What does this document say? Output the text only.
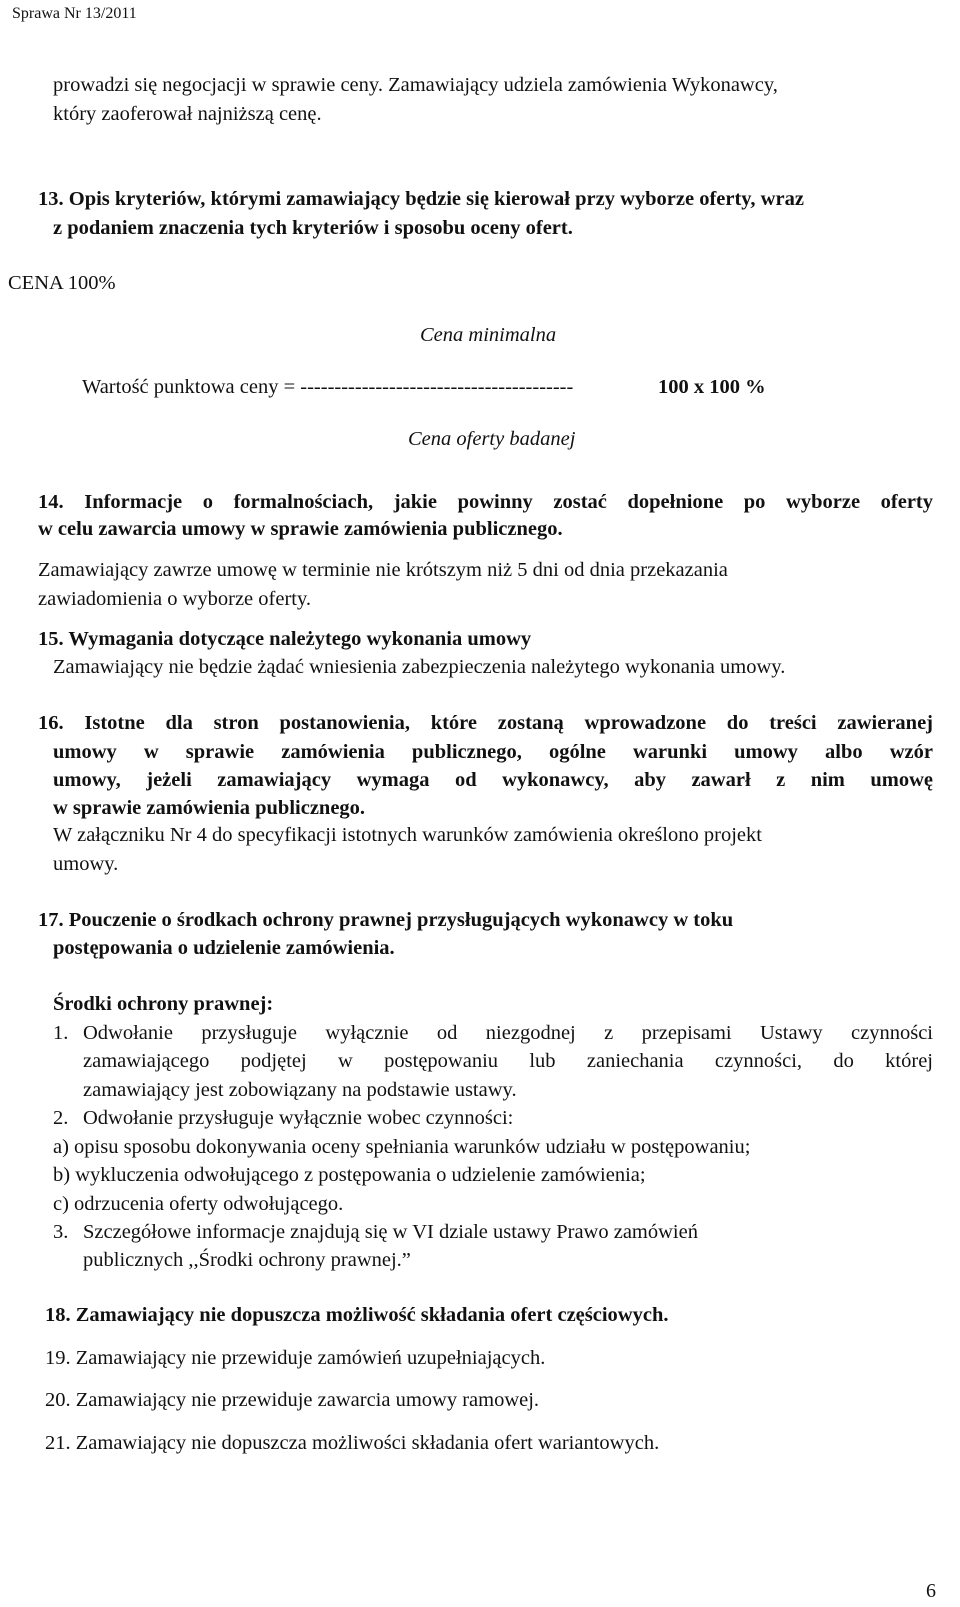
Sprawa Nr 13/2011
prowadzi się negocjacji w sprawie ceny. Zamawiający udziela zamówienia Wykonawcy,
który zaoferował najniższą cenę.
13. Opis kryteriów, którymi zamawiający będzie się kierował przy wyborze oferty, wraz
z podaniem znaczenia tych kryteriów i sposobu oceny ofert.
CENA 100%
Cena minimalna
Wartość punktowa ceny = ----------------------------------------	100 x 100 %
Cena oferty badanej
14. Informacje o formalnościach, jakie powinny zostać dopełnione po wyborze oferty
w celu zawarcia umowy w sprawie zamówienia publicznego.
Zamawiający zawrze umowę w terminie nie krótszym niż 5 dni od dnia przekazania
zawiadomienia o wyborze oferty.
15. Wymagania dotyczące należytego wykonania umowy
Zamawiający nie będzie żądać wniesienia zabezpieczenia należytego wykonania umowy.
16. Istotne dla stron postanowienia, które zostaną wprowadzone do treści zawieranej
umowy w sprawie zamówienia publicznego, ogólne warunki umowy albo wzór
umowy, jeżeli zamawiający wymaga od wykonawcy, aby zawarł z nim umowę
w sprawie zamówienia publicznego.
W załączniku Nr 4 do specyfikacji istotnych warunków zamówienia określono projekt
umowy.
17. Pouczenie o środkach ochrony prawnej przysługujących wykonawcy w toku
postępowania o udzielenie zamówienia.
Środki ochrony prawnej:
1. Odwołanie przysługuje wyłącznie od niezgodnej z przepisami Ustawy czynności
zamawiającego podjętej w postępowaniu lub zaniechania czynności, do której
zamawiający jest zobowiązany na podstawie ustawy.
2. Odwołanie przysługuje wyłącznie wobec czynności:
a) opisu sposobu dokonywania oceny spełniania warunków udziału w postępowaniu;
b) wykluczenia odwołującego z postępowania o udzielenie zamówienia;
c) odrzucenia oferty odwołującego.
3. Szczegółowe informacje znajdują się w VI dziale ustawy Prawo zamówień
publicznych ,,Środki ochrony prawnej.”
18. Zamawiający nie dopuszcza możliwość składania ofert częściowych.
19. Zamawiający nie przewiduje zamówień uzupełniających.
20. Zamawiający nie przewiduje zawarcia umowy ramowej.
21. Zamawiający nie dopuszcza możliwości składania ofert wariantowych.
6
